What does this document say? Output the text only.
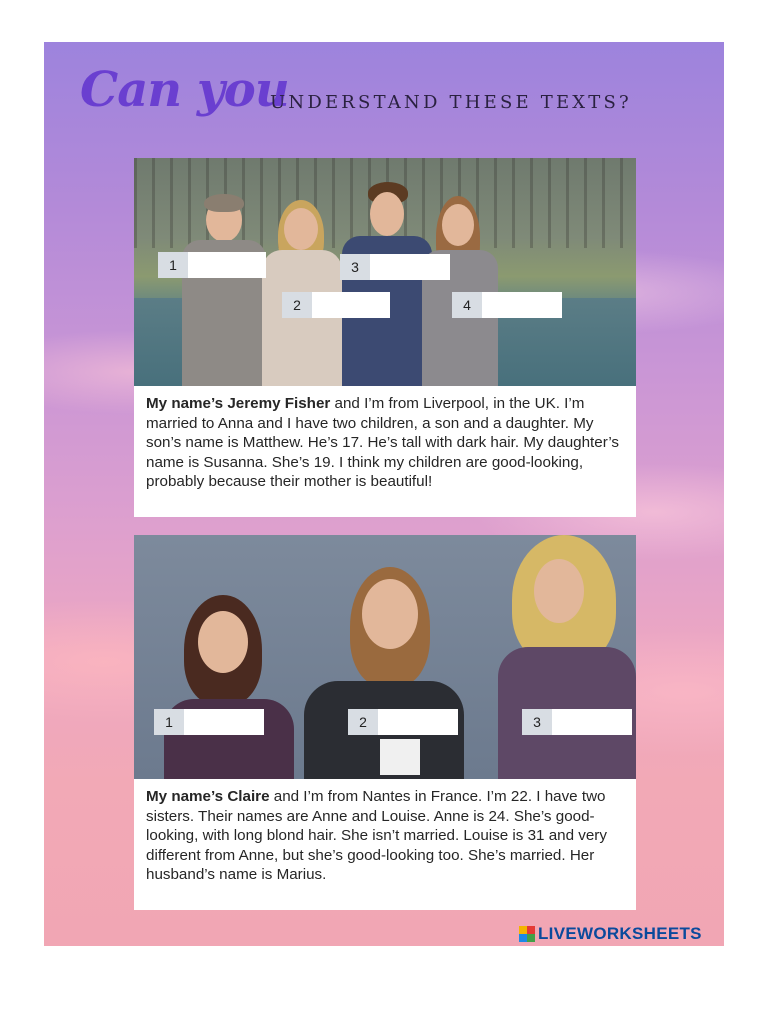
Can you
UNDERSTAND THESE TEXTS?
1
2
3
4
My name’s Jeremy Fisher and I’m from Liverpool, in the UK. I’m married to Anna and I have two children, a son and a daughter. My son’s name is Matthew. He’s 17. He’s tall with dark hair. My daughter’s name is Susanna. She’s 19. I think my children are good-looking, probably because their mother is beautiful!
1	2	3
My name’s Claire and I’m from Nantes in France. I’m 22. I have two sisters. Their names are Anne and Louise. Anne is 24. She’s good-looking, with long blond hair. She isn’t married. Louise is 31 and very different from Anne, but she’s good-looking too. She’s married. Her husband’s name is Marius.
LIVEWORKSHEETS
